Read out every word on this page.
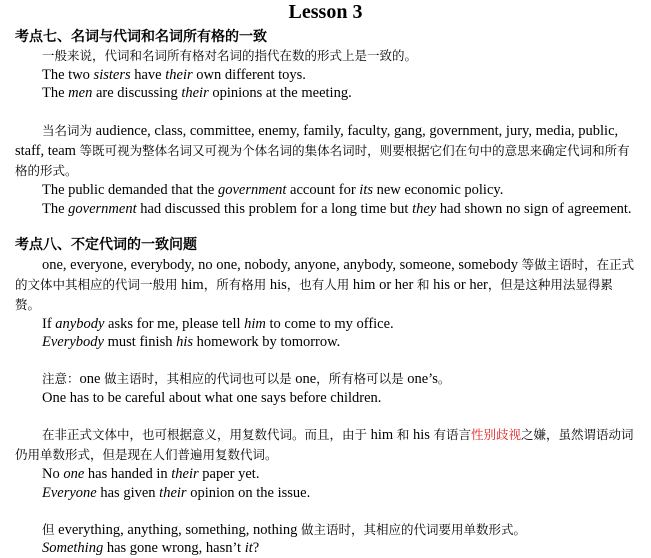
Lesson 3
考点七、名词与代词和名词所有格的一致
一般来说，代词和名词所有格对名词的指代在数的形式上是一致的。
The two sisters have their own different toys.
The men are discussing their opinions at the meeting.
当名词为 audience, class, committee, enemy, family, faculty, gang, government, jury, media, public, staff, team 等既可视为整体名词又可视为个体名词的集体名词时，则要根据它们在句中的意思来确定代词和所有格的形式。
The public demanded that the government account for its new economic policy.
The government had discussed this problem for a long time but they had shown no sign of agreement.
考点八、不定代词的一致问题
one, everyone, everybody, no one, nobody, anyone, anybody, someone, somebody 等做主语时，在正式的文体中其相应的代词一般用 him，所有格用 his，也有人用 him or her 和 his or her，但是这种用法显得累赘。
If anybody asks for me, please tell him to come to my office.
Everybody must finish his homework by tomorrow.
注意：one 做主语时，其相应的代词也可以是 one，所有格可以是 one’s。
One has to be careful about what one says before children.
在非正式文体中，也可根据意义，用复数代词。而且，由于 him 和 his 有语言性别歧视之嫌，虽然谓语动词仍用单数形式，但是现在人们普遍用复数代词。
No one has handed in their paper yet.
Everyone has given their opinion on the issue.
但 everything, anything, something, nothing 做主语时，其相应的代词要用单数形式。
Something has gone wrong, hasn’t it?
